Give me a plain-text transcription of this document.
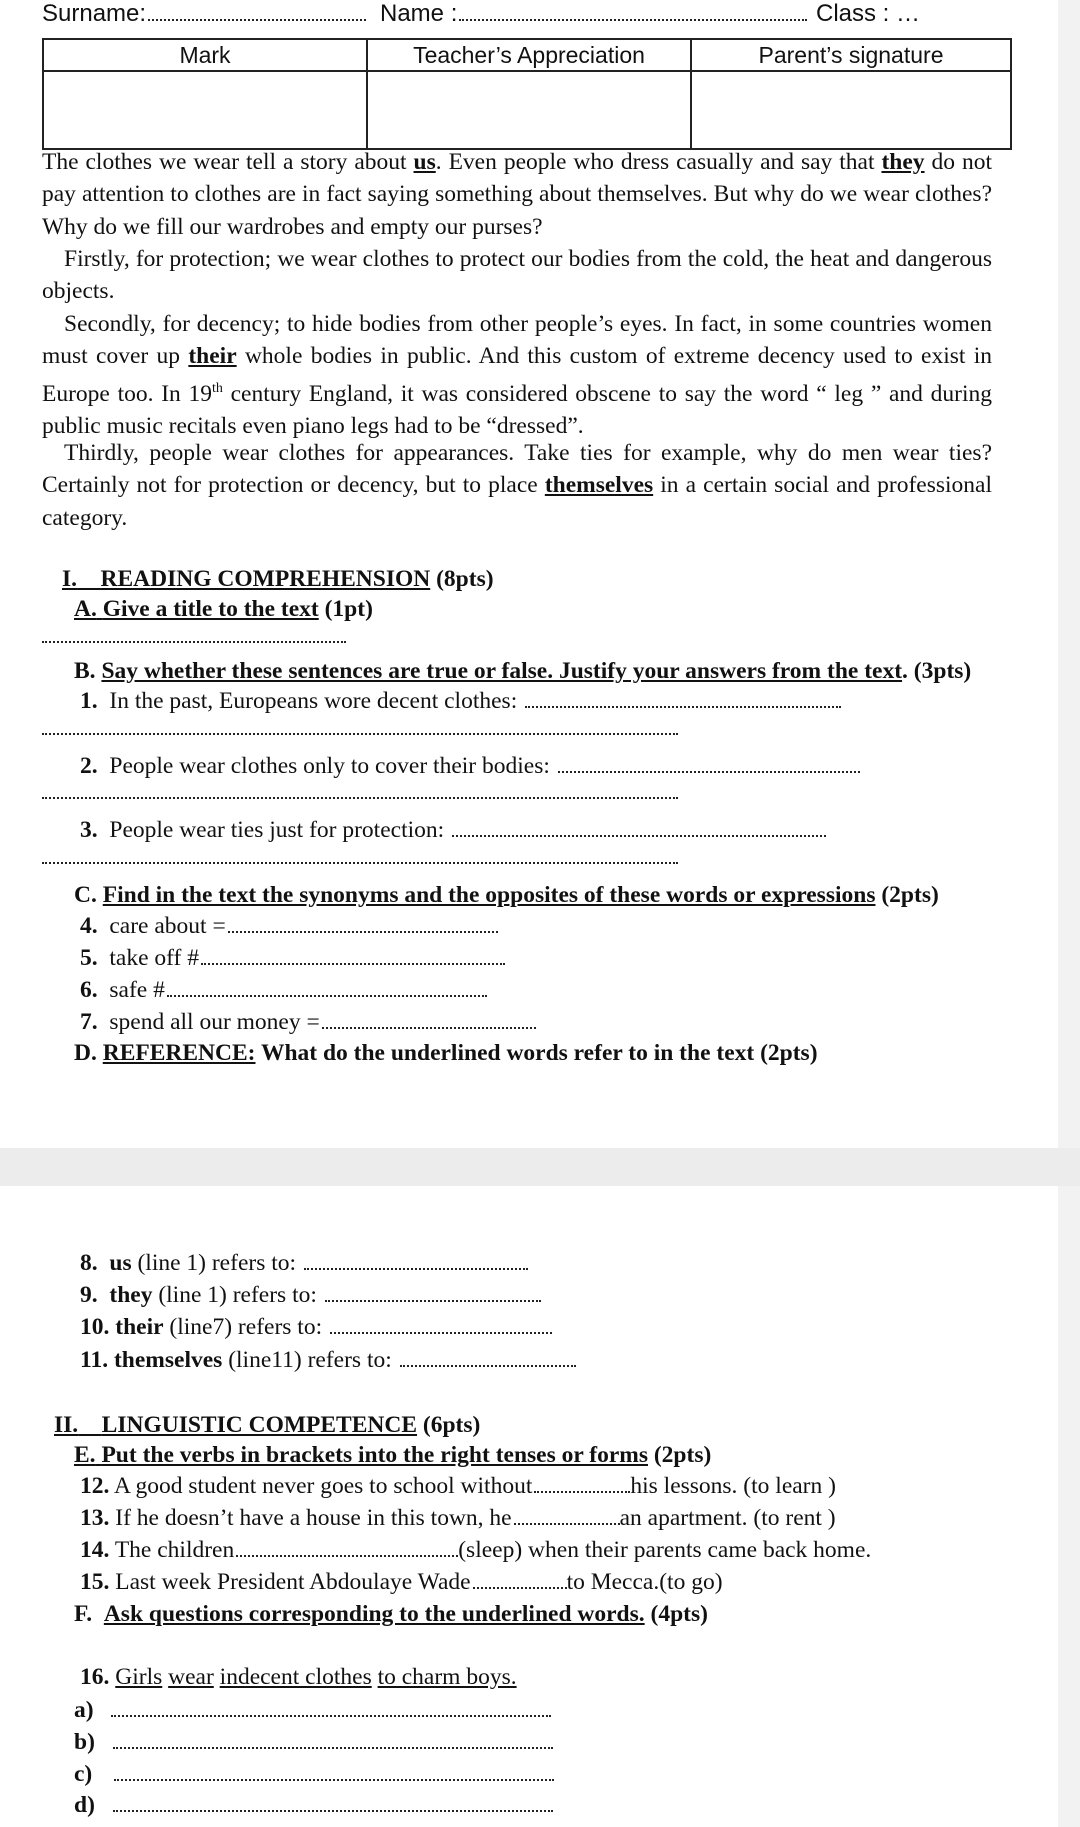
Surname:	Name :	Class : …
Mark	Teacher’s Appreciation	Parent’s signature

The clothes we wear tell a story about us. Even people who dress casually and say that they do not pay attention to clothes are in fact saying something about themselves. But why do we wear clothes? Why do we fill our wardrobes and empty our purses?
Firstly, for protection; we wear clothes to protect our bodies from the cold, the heat and dangerous objects.
Secondly, for decency; to hide bodies from other people’s eyes. In fact, in some countries women must cover up their whole bodies in public. And this custom of extreme decency used to exist in Europe too. In 19th century England, it was considered obscene to say the word “ leg ” and during public music recitals even piano legs had to be “dressed”.
Thirdly, people wear clothes for appearances. Take ties for example, why do men wear ties? Certainly not for protection or decency, but to place themselves in a certain social and professional category.
I. READING COMPREHENSION (8pts)
A. Give a title to the text (1pt)
B. Say whether these sentences are true or false. Justify your answers from the text. (3pts)
1. In the past, Europeans wore decent clothes:
2. People wear clothes only to cover their bodies:
3. People wear ties just for protection:
C. Find in the text the synonyms and the opposites of these words or expressions (2pts)
4. care about =
5. take off #
6. safe #
7. spend all our money =
D. REFERENCE: What do the underlined words refer to in the text (2pts)
8. us (line 1) refers to:
9. they (line 1) refers to:
10. their (line7) refers to:
11. themselves (line11) refers to:
II. LINGUISTIC COMPETENCE (6pts)
E. Put the verbs in brackets into the right tenses or forms (2pts)
12. A good student never goes to school without	his lessons. (to learn )
13. If he doesn’t have a house in this town, he	an apartment. (to rent )
14. The children	(sleep) when their parents came back home.
15. Last week President Abdoulaye Wade	to Mecca.(to go)
F. Ask questions corresponding to the underlined words. (4pts)
16. Girls wear indecent clothes to charm boys.
a)
b)
c)
d)
